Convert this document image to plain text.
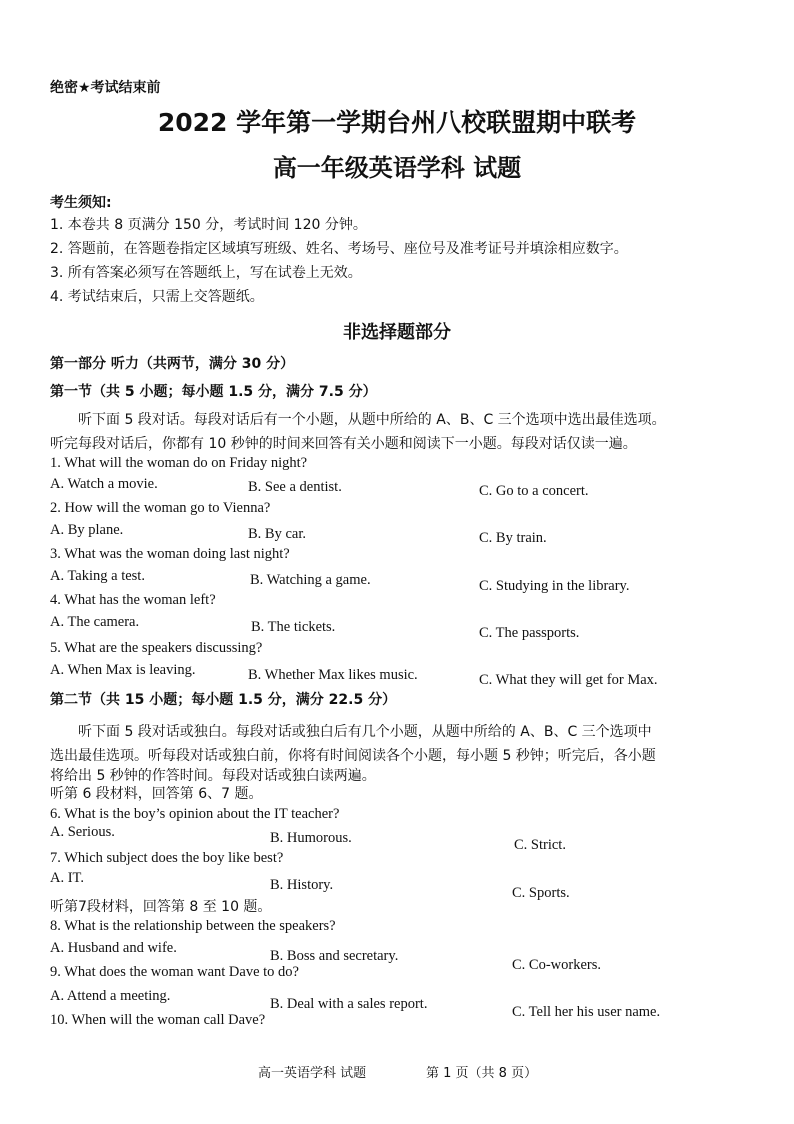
绝密★考试结束前
2022 学年第一学期台州八校联盟期中联考
高一年级英语学科 试题
考生须知:
1. 本卷共 8 页满分 150 分，考试时间 120 分钟。
2. 答题前，在答题卷指定区域填写班级、姓名、考场号、座位号及准考证号并填涂相应数字。
3. 所有答案必须写在答题纸上，写在试卷上无效。
4. 考试结束后，只需上交答题纸。
非选择题部分
第一部分 听力（共两节，满分 30 分）
第一节（共 5 小题；每小题 1.5 分，满分 7.5 分）
听下面 5 段对话。每段对话后有一个小题，从题中所给的 A、B、C 三个选项中选出最佳选项。
听完每段对话后，你都有 10 秒钟的时间来回答有关小题和阅读下一小题。每段对话仅读一遍。
1. What will the woman do on Friday night?
A. Watch a movie.	B. See a dentist.	C. Go to a concert.
2. How will the woman go to Vienna?
A. By plane.	B. By car.	C. By train.
3. What was the woman doing last night?
A. Taking a test.	B. Watching a game.	C. Studying in the library.
4. What has the woman left?
A. The camera.	B. The tickets.	C. The passports.
5. What are the speakers discussing?
A. When Max is leaving.	B. Whether Max likes music.	C. What they will get for Max.
第二节（共 15 小题；每小题 1.5 分，满分 22.5 分）
听下面 5 段对话或独白。每段对话或独白后有几个小题，从题中所给的 A、B、C 三个选项中
选出最佳选项。听每段对话或独白前，你将有时间阅读各个小题，每小题 5 秒钟；听完后，各小题
将给出 5 秒钟的作答时间。每段对话或独白读两遍。
听第 6 段材料，回答第 6、7 题。
6. What is the boy’s opinion about the IT teacher?
A. Serious.	B. Humorous.	C. Strict.
7. Which subject does the boy like best?
A. IT.	B. History.	C. Sports.
听第7段材料，回答第 8 至 10 题。
8. What is the relationship between the speakers?
A. Husband and wife.	B. Boss and secretary.
C. Co-workers.
9. What does the woman want Dave to do?
A. Attend a meeting.	B. Deal with a sales report.	C. Tell her his user name.
10. When will the woman call Dave?
高一英语学科 试题	第 1 页（共 8 页）
